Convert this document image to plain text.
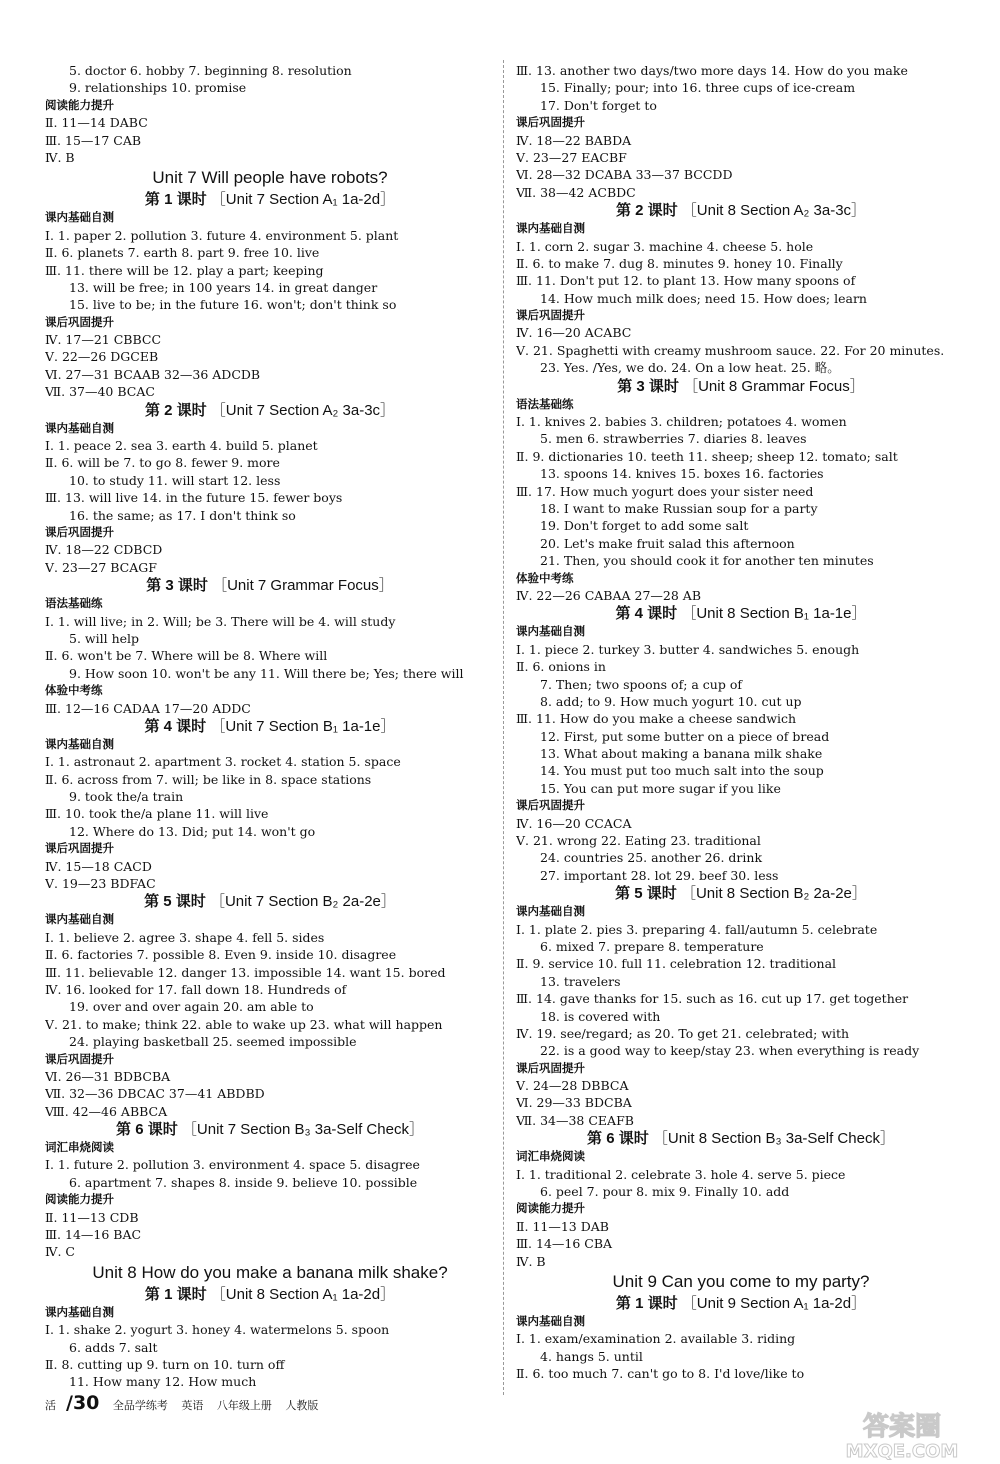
5. doctor 6. hobby 7. beginning 8. resolution
9. relationships 10. promise
阅读能力提升
Ⅱ. 11—14 DABC
Ⅲ. 15—17 CAB
Ⅳ. B
Unit 7 Will people have robots?
第 1 课时 ［Unit 7 Section A₁ 1a-2d］
课内基础自测
Ⅰ. 1. paper 2. pollution 3. future 4. environment 5. plant
Ⅱ. 6. planets 7. earth 8. part 9. free 10. live
Ⅲ. 11. there will be 12. play a part; keeping
13. will be free; in 100 years 14. in great danger
15. live to be; in the future 16. won't; don't think so
课后巩固提升
Ⅳ. 17—21 CBBCC
Ⅴ. 22—26 DGCEB
Ⅵ. 27—31 BCAAB 32—36 ADCDB
Ⅶ. 37—40 BCAC
第 2 课时 ［Unit 7 Section A₂ 3a-3c］
课内基础自测
Ⅰ. 1. peace 2. sea 3. earth 4. build 5. planet
Ⅱ. 6. will be 7. to go 8. fewer 9. more
10. to study 11. will start 12. less
Ⅲ. 13. will live 14. in the future 15. fewer boys
16. the same; as 17. I don't think so
课后巩固提升
Ⅳ. 18—22 CDBCD
Ⅴ. 23—27 BCAGF
第 3 课时 ［Unit 7 Grammar Focus］
语法基础练
Ⅰ. 1. will live; in 2. Will; be 3. There will be 4. will study
5. will help
Ⅱ. 6. won't be 7. Where will be 8. Where will
9. How soon 10. won't be any 11. Will there be; Yes; there will
体验中考练
Ⅲ. 12—16 CADAA 17—20 ADDC
第 4 课时 ［Unit 7 Section B₁ 1a-1e］
课内基础自测
Ⅰ. 1. astronaut 2. apartment 3. rocket 4. station 5. space
Ⅱ. 6. across from 7. will; be like in 8. space stations
9. took the/a train
Ⅲ. 10. took the/a plane 11. will live
12. Where do 13. Did; put 14. won't go
课后巩固提升
Ⅳ. 15—18 CACD
Ⅴ. 19—23 BDFAC
第 5 课时 ［Unit 7 Section B₂ 2a-2e］
课内基础自测
Ⅰ. 1. believe 2. agree 3. shape 4. fell 5. sides
Ⅱ. 6. factories 7. possible 8. Even 9. inside 10. disagree
Ⅲ. 11. believable 12. danger 13. impossible 14. want 15. bored
Ⅳ. 16. looked for 17. fall down 18. Hundreds of
19. over and over again 20. am able to
Ⅴ. 21. to make; think 22. able to wake up 23. what will happen
24. playing basketball 25. seemed impossible
课后巩固提升
Ⅵ. 26—31 BDBCBA
Ⅶ. 32—36 DBCAC 37—41 ABDBD
Ⅷ. 42—46 ABBCA
第 6 课时 ［Unit 7 Section B₃ 3a-Self Check］
词汇串烧阅读
Ⅰ. 1. future 2. pollution 3. environment 4. space 5. disagree
6. apartment 7. shapes 8. inside 9. believe 10. possible
阅读能力提升
Ⅱ. 11—13 CDB
Ⅲ. 14—16 BAC
Ⅳ. C
Unit 8 How do you make a banana milk shake?
第 1 课时 ［Unit 8 Section A₁ 1a-2d］
课内基础自测
Ⅰ. 1. shake 2. yogurt 3. honey 4. watermelons 5. spoon
6. adds 7. salt
Ⅱ. 8. cutting up 9. turn on 10. turn off
11. How many 12. How much
Ⅲ. 13. another two days/two more days 14. How do you make
15. Finally; pour; into 16. three cups of ice-cream
17. Don't forget to
课后巩固提升
Ⅳ. 18—22 BABDA
Ⅴ. 23—27 EACBF
Ⅵ. 28—32 DCABA 33—37 BCCDD
Ⅶ. 38—42 ACBDC
第 2 课时 ［Unit 8 Section A₂ 3a-3c］
课内基础自测
Ⅰ. 1. corn 2. sugar 3. machine 4. cheese 5. hole
Ⅱ. 6. to make 7. dug 8. minutes 9. honey 10. Finally
Ⅲ. 11. Don't put 12. to plant 13. How many spoons of
14. How much milk does; need 15. How does; learn
课后巩固提升
Ⅳ. 16—20 ACABC
Ⅴ. 21. Spaghetti with creamy mushroom sauce. 22. For 20 minutes.
23. Yes. /Yes, we do. 24. On a low heat. 25. 略。
第 3 课时 ［Unit 8 Grammar Focus］
语法基础练
Ⅰ. 1. knives 2. babies 3. children; potatoes 4. women
5. men 6. strawberries 7. diaries 8. leaves
Ⅱ. 9. dictionaries 10. teeth 11. sheep; sheep 12. tomato; salt
13. spoons 14. knives 15. boxes 16. factories
Ⅲ. 17. How much yogurt does your sister need
18. I want to make Russian soup for a party
19. Don't forget to add some salt
20. Let's make fruit salad this afternoon
21. Then, you should cook it for another ten minutes
体验中考练
Ⅳ. 22—26 CABAA 27—28 AB
第 4 课时 ［Unit 8 Section B₁ 1a-1e］
课内基础自测
Ⅰ. 1. piece 2. turkey 3. butter 4. sandwiches 5. enough
Ⅱ. 6. onions in
7. Then; two spoons of; a cup of
8. add; to 9. How much yogurt 10. cut up
Ⅲ. 11. How do you make a cheese sandwich
12. First, put some butter on a piece of bread
13. What about making a banana milk shake
14. You must put too much salt into the soup
15. You can put more sugar if you like
课后巩固提升
Ⅳ. 16—20 CCACA
Ⅴ. 21. wrong 22. Eating 23. traditional
24. countries 25. another 26. drink
27. important 28. lot 29. beef 30. less
第 5 课时 ［Unit 8 Section B₂ 2a-2e］
课内基础自测
Ⅰ. 1. plate 2. pies 3. preparing 4. fall/autumn 5. celebrate
6. mixed 7. prepare 8. temperature
Ⅱ. 9. service 10. full 11. celebration 12. traditional
13. travelers
Ⅲ. 14. gave thanks for 15. such as 16. cut up 17. get together
18. is covered with
Ⅳ. 19. see/regard; as 20. To get 21. celebrated; with
22. is a good way to keep/stay 23. when everything is ready
课后巩固提升
Ⅴ. 24—28 DBBCA
Ⅵ. 29—33 BDCBA
Ⅶ. 34—38 CEAFB
第 6 课时 ［Unit 8 Section B₃ 3a-Self Check］
词汇串烧阅读
Ⅰ. 1. traditional 2. celebrate 3. hole 4. serve 5. piece
6. peel 7. pour 8. mix 9. Finally 10. add
阅读能力提升
Ⅱ. 11—13 DAB
Ⅲ. 14—16 CBA
Ⅳ. B
Unit 9 Can you come to my party?
第 1 课时 ［Unit 9 Section A₁ 1a-2d］
课内基础自测
Ⅰ. 1. exam/examination 2. available 3. riding
4. hangs 5. until
Ⅱ. 6. too much 7. can't go to 8. I'd love/like to
活 /30 全品学练考 英语 八年级上册 人教版
答案圈
MXQE.COM
